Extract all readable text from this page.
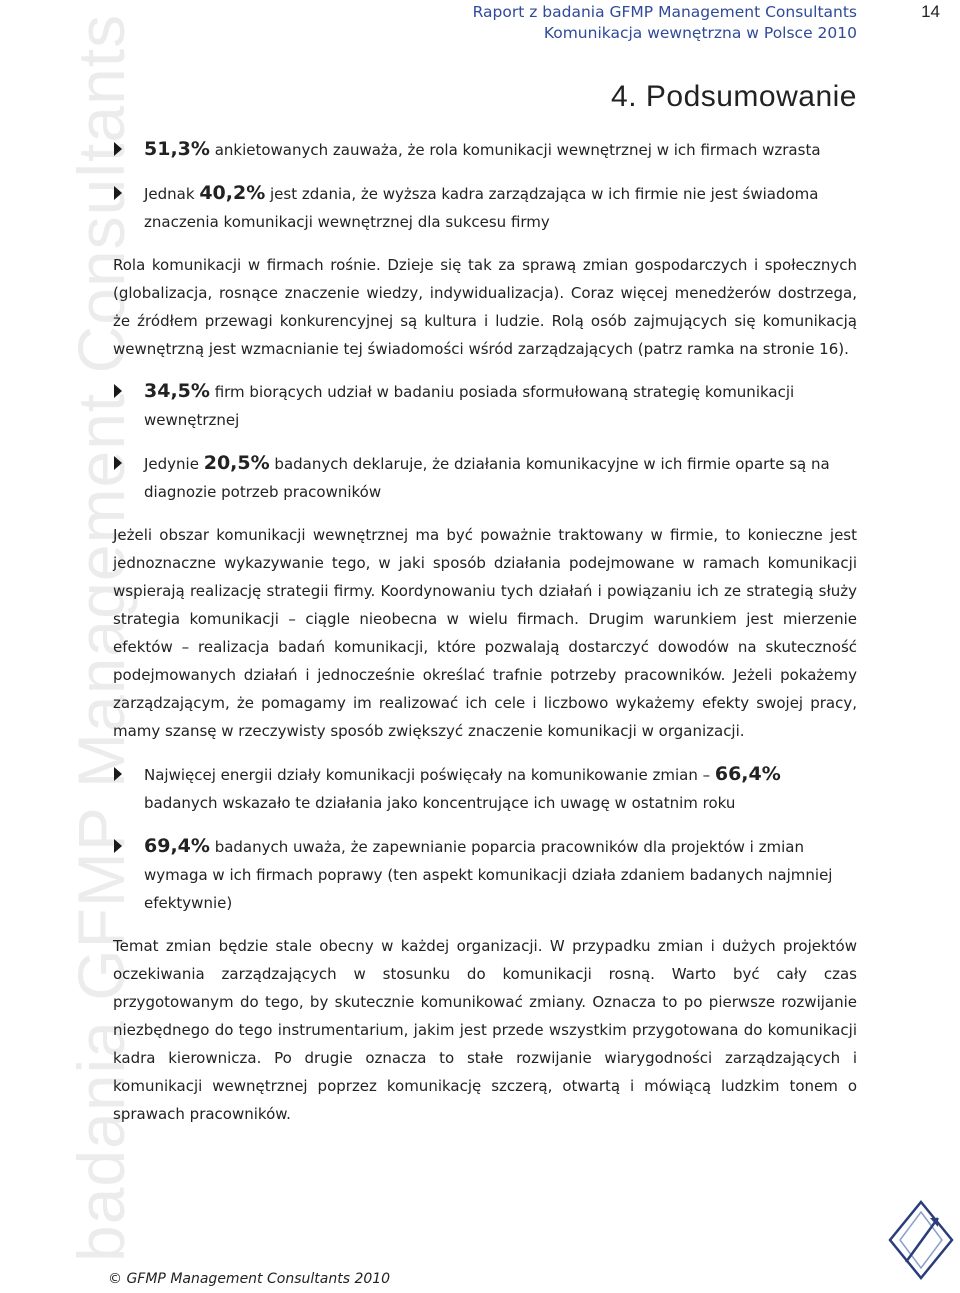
badania GFMP Management Consultants
Raport z badania GFMP Management Consultants
Komunikacja wewnętrzna w Polsce 2010
14
4. Podsumowanie

51,3% ankietowanych zauważa, że rola komunikacji wewnętrznej w ich firmach wzrasta

Jednak 40,2% jest zdania, że wyższa kadra zarządzająca w ich firmie nie jest świadoma znaczenia komunikacji wewnętrznej dla sukcesu firmy

Rola komunikacji w firmach rośnie. Dzieje się tak za sprawą zmian gospodarczych i społecznych (globalizacja, rosnące znaczenie wiedzy, indywidualizacja). Coraz więcej menedżerów dostrzega, że źródłem przewagi konkurencyjnej są kultura i ludzie. Rolą osób zajmujących się komunikacją wewnętrzną jest wzmacnianie tej świadomości wśród zarządzających (patrz ramka na stronie 16).

34,5% firm biorących udział w badaniu posiada sformułowaną strategię komunikacji wewnętrznej

Jedynie 20,5% badanych deklaruje, że działania komunikacyjne w ich firmie oparte są na diagnozie potrzeb pracowników

Jeżeli obszar komunikacji wewnętrznej ma być poważnie traktowany w firmie, to konieczne jest jednoznaczne wykazywanie tego, w jaki sposób działania podejmowane w ramach komunikacji wspierają realizację strategii firmy. Koordynowaniu tych działań i powiązaniu ich ze strategią służy strategia komunikacji – ciągle nieobecna w wielu firmach. Drugim warunkiem jest mierzenie efektów – realizacja badań komunikacji, które pozwalają dostarczyć dowodów na skuteczność podejmowanych działań i jednocześnie określać trafnie potrzeby pracowników. Jeżeli pokażemy zarządzającym, że pomagamy im realizować ich cele i liczbowo wykażemy efekty swojej pracy, mamy szansę w rzeczywisty sposób zwiększyć znaczenie komunikacji w organizacji.

Najwięcej energii działy komunikacji poświęcały na komunikowanie zmian – 66,4% badanych wskazało te działania jako koncentrujące ich uwagę w ostatnim roku

69,4% badanych uważa, że zapewnianie poparcia pracowników dla projektów i zmian wymaga w ich firmach poprawy (ten aspekt komunikacji działa zdaniem badanych najmniej efektywnie)

Temat zmian będzie stale obecny w każdej organizacji. W przypadku zmian i dużych projektów oczekiwania zarządzających w stosunku do komunikacji rosną. Warto być cały czas przygotowanym do tego, by skutecznie komunikować zmiany. Oznacza to po pierwsze rozwijanie niezbędnego do tego instrumentarium, jakim jest przede wszystkim przygotowana do komunikacji kadra kierownicza. Po drugie oznacza to stałe rozwijanie wiarygodności zarządzających i komunikacji wewnętrznej poprzez komunikację szczerą, otwartą i mówiącą ludzkim tonem o sprawach pracowników.

© GFMP Management Consultants 2010
